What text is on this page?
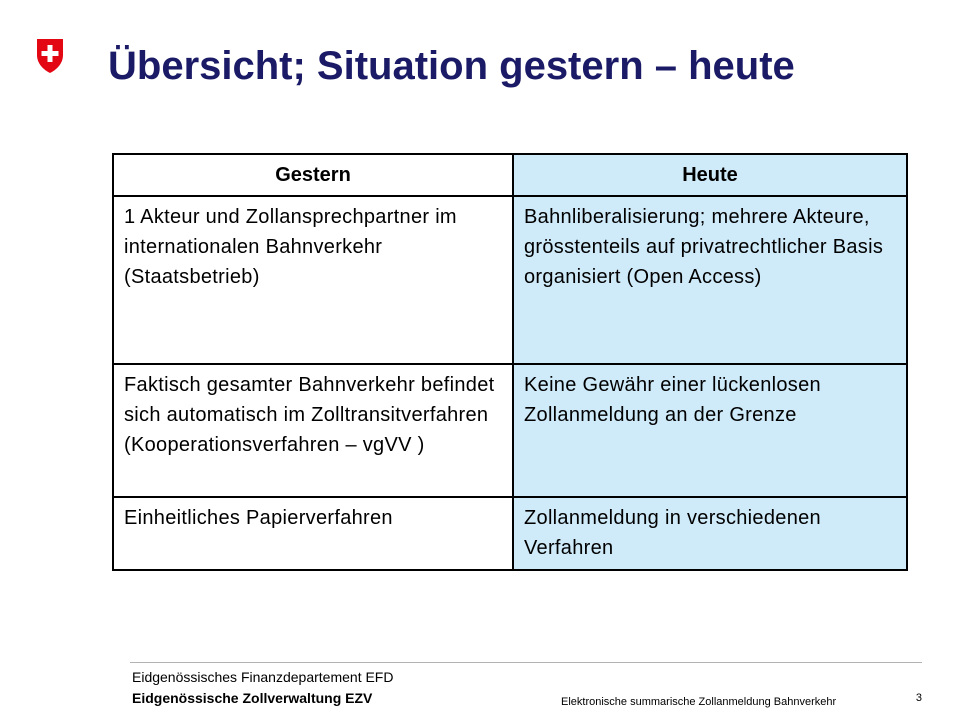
Übersicht; Situation gestern – heute
Gestern	Heute
1 Akteur und Zollansprechpartner im internationalen Bahnverkehr (Staatsbetrieb)	Bahnliberalisierung; mehrere Akteure, grösstenteils auf privatrechtlicher Basis organisiert (Open Access)
Faktisch gesamter Bahnverkehr befindet sich automatisch im Zolltransitverfahren (Kooperationsverfahren – vgVV )	Keine Gewähr einer lückenlosen Zollanmeldung an der Grenze
Einheitliches Papierverfahren	Zollanmeldung in verschiedenen Verfahren
Eidgenössisches Finanzdepartement EFD
Eidgenössische Zollverwaltung EZV	Elektronische summarische Zollanmeldung Bahnverkehr	3
